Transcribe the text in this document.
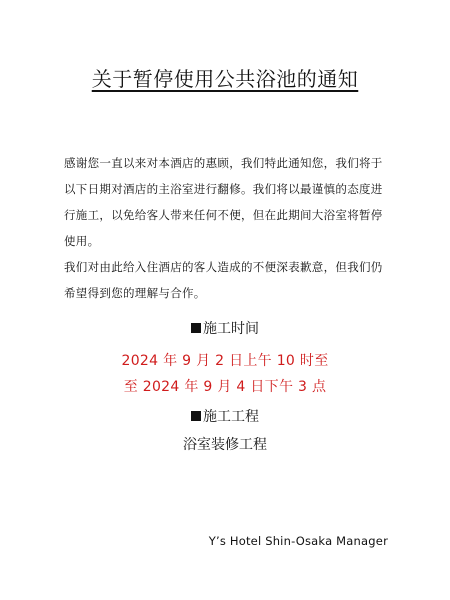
关于暂停使用公共浴池的通知

感谢您一直以来对本酒店的惠顾，我们特此通知您，我们将于以下日期对酒店的主浴室进行翻修。我们将以最谨慎的态度进行施工，以免给客人带来任何不便，但在此期间大浴室将暂停使用。

我们对由此给入住酒店的客人造成的不便深表歉意，但我们仍希望得到您的理解与合作。

施工时间
2024 年 9 月 2 日上午 10 时至
至 2024 年 9 月 4 日下午 3 点
施工工程
浴室装修工程
Y’s Hotel Shin-Osaka Manager
